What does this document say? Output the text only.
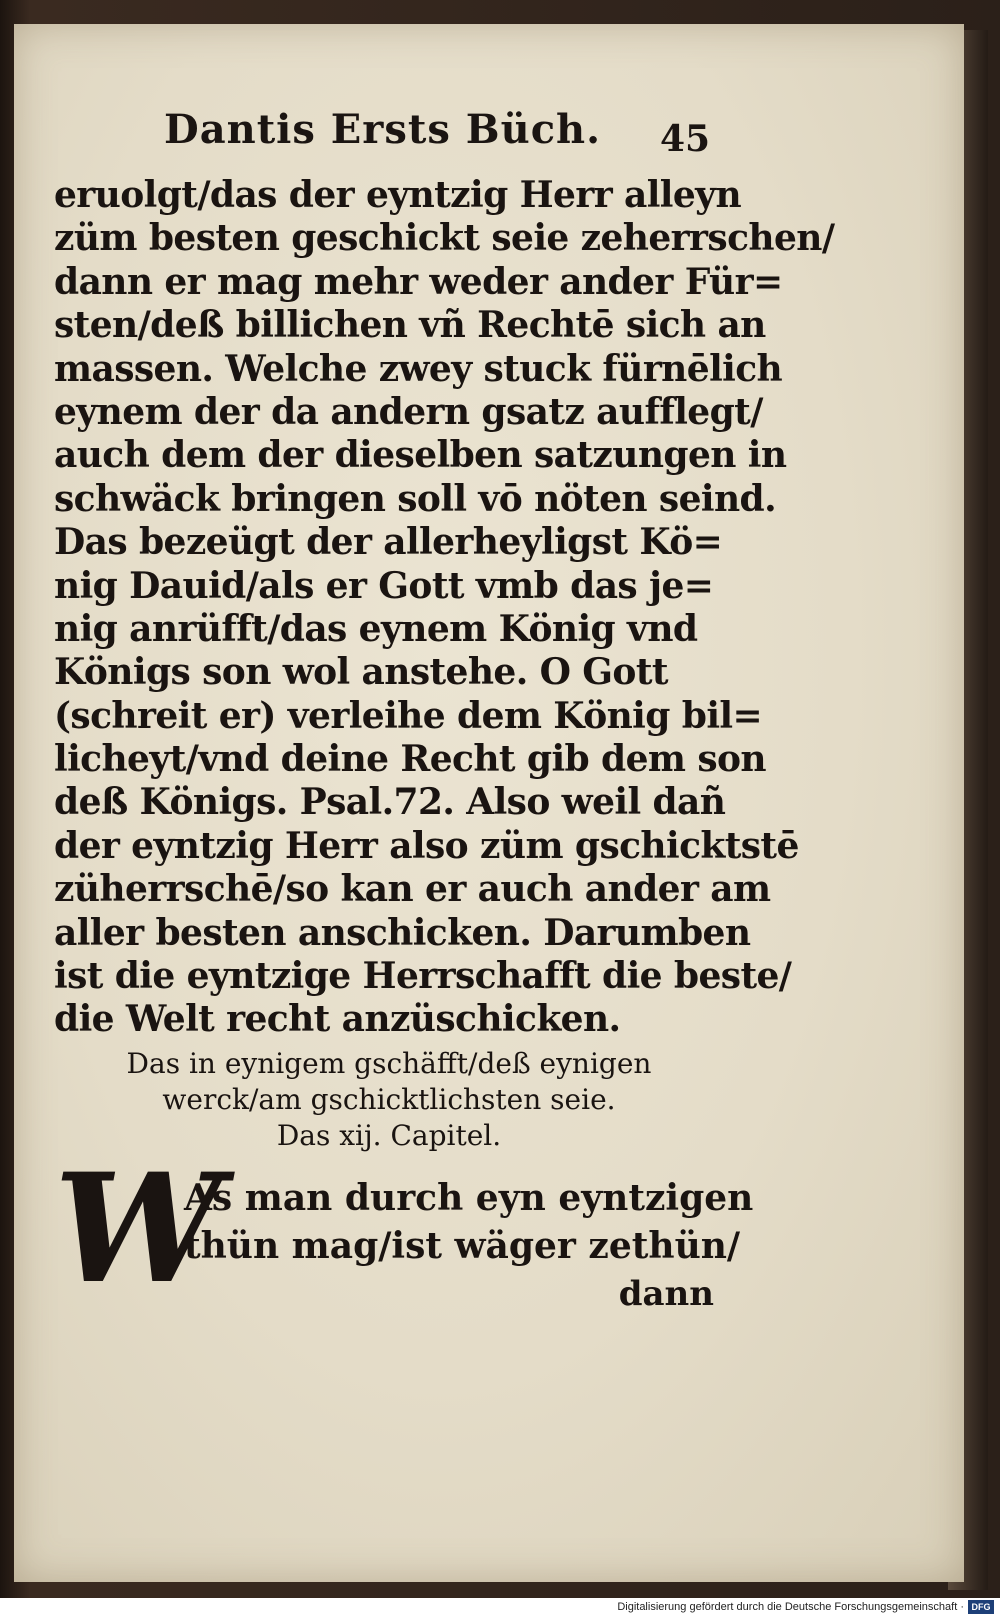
Dantis Ersts Büch.	45
eruolgt/das der eyntzig Herr alleyn
züm besten geschickt seie zeherrschen/
dann er mag mehr weder ander Für=
sten/deß billichen vñ Rechtē sich an
massen. Welche zwey stuck fürnēlich
eynem der da andern gsatz aufflegt/
auch dem der dieselben satzungen in
schwäck bringen soll vō nöten seind.
Das bezeügt der allerheyligst Kö=
nig Dauid/als er Gott vmb das je=
nig anrüfft/das eynem König vnd
Königs son wol anstehe. O Gott
(schreit er) verleihe dem König bil=
licheyt/vnd deine Recht gib dem son
deß Königs. Psal.72. Also weil dañ
der eyntzig Herr also züm gschicktstē
züherrschē/so kan er auch ander am
aller besten anschicken. Darumben
ist die eyntzige Herrschafft die beste/
die Welt recht anzüschicken.
Das in eynigem gschäfft/deß eynigen
werck/am gschicktlichsten seie.
Das xij. Capitel.
W
As man durch eyn eyntzigen
thün mag/ist wäger zethün/
dann
Digitalisierung gefördert durch die Deutsche Forschungsgemeinschaft · DFG
